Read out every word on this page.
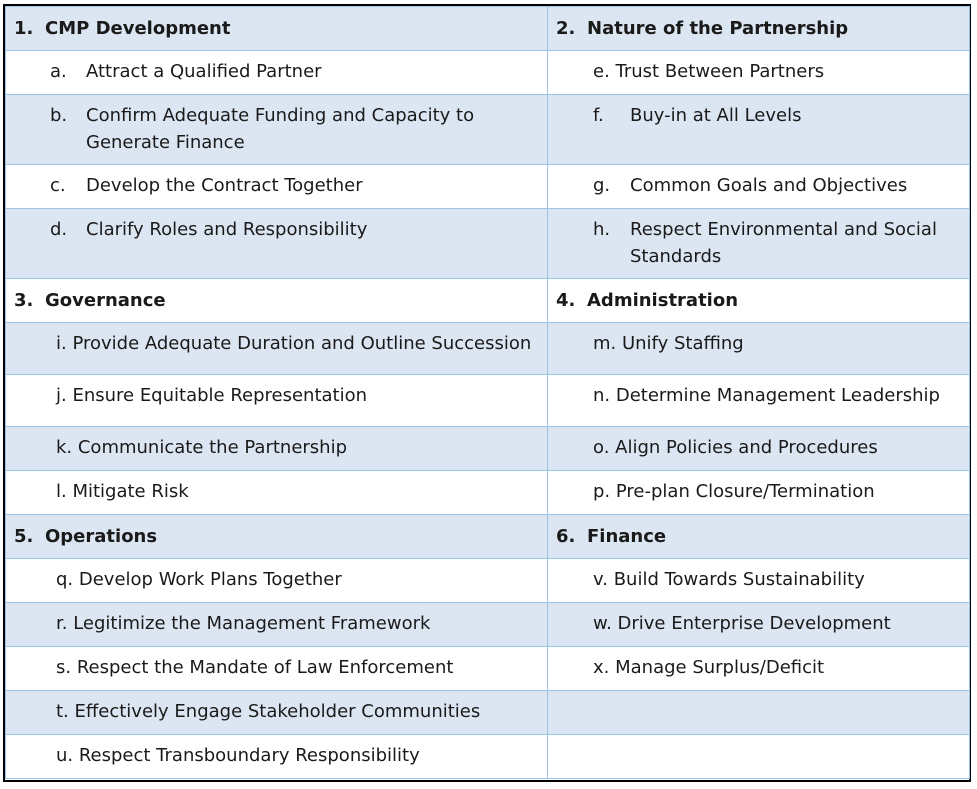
1. CMP Development	2. Nature of the Partnership

a. Attract a Qualified Partner	e. Trust Between Partners

b. Confirm Adequate Funding and Capacity to Generate Finance	f. Buy-in at All Levels

c. Develop the Contract Together	g. Common Goals and Objectives

d. Clarify Roles and Responsibility	h. Respect Environmental and Social Standards

3. Governance	4. Administration

i. Provide Adequate Duration and Outline Succession	m. Unify Staffing

j. Ensure Equitable Representation	n. Determine Management Leadership

k. Communicate the Partnership	o. Align Policies and Procedures

l. Mitigate Risk	p. Pre-plan Closure/Termination

5. Operations	6. Finance

q. Develop Work Plans Together	v. Build Towards Sustainability

r. Legitimize the Management Framework	w. Drive Enterprise Development

s. Respect the Mandate of Law Enforcement	x. Manage Surplus/Deficit

t. Effectively Engage Stakeholder Communities	

u. Respect Transboundary Responsibility	
